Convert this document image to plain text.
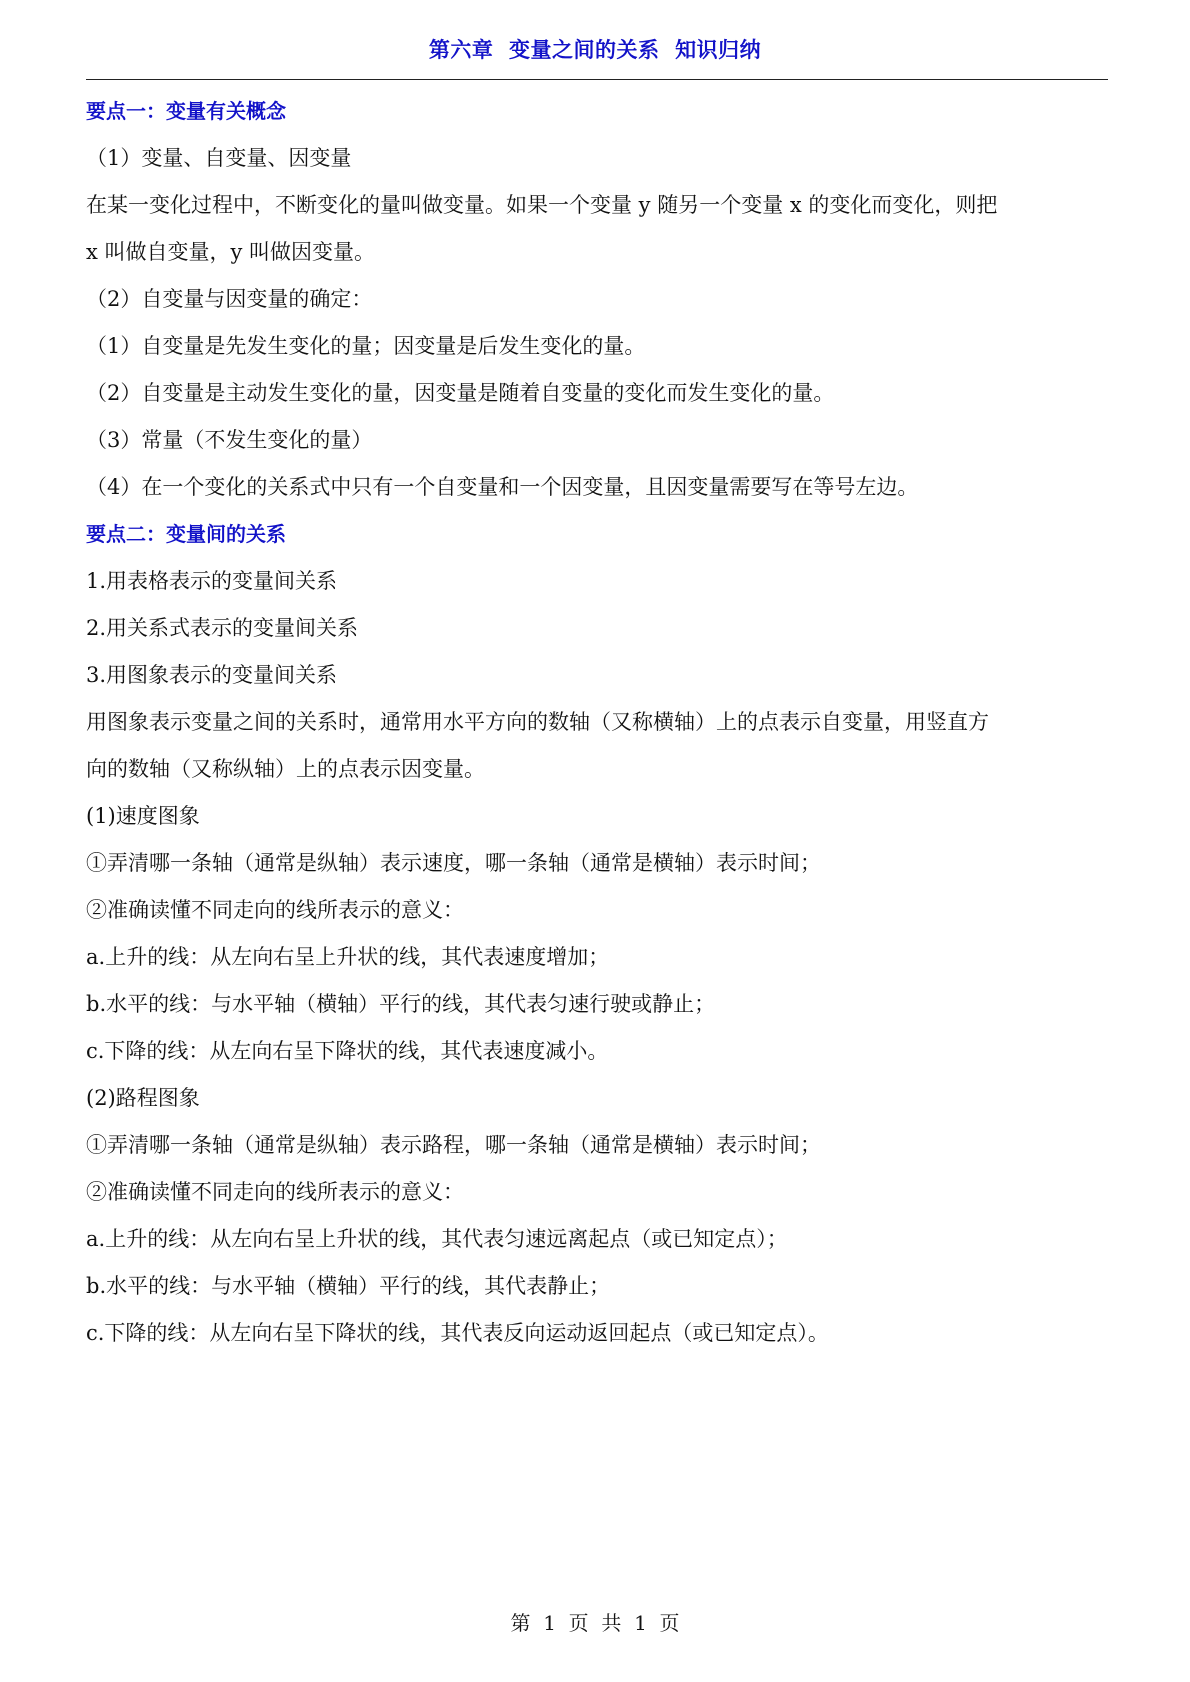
第六章  变量之间的关系  知识归纳
要点一：变量有关概念
（1）变量、自变量、因变量
在某一变化过程中，不断变化的量叫做变量。如果一个变量 y 随另一个变量 x 的变化而变化，则把
x 叫做自变量，y 叫做因变量。
（2）自变量与因变量的确定：
（1）自变量是先发生变化的量；因变量是后发生变化的量。
（2）自变量是主动发生变化的量，因变量是随着自变量的变化而发生变化的量。
（3）常量（不发生变化的量）
（4）在一个变化的关系式中只有一个自变量和一个因变量，且因变量需要写在等号左边。
要点二：变量间的关系
1.用表格表示的变量间关系
2.用关系式表示的变量间关系
3.用图象表示的变量间关系
用图象表示变量之间的关系时，通常用水平方向的数轴（又称横轴）上的点表示自变量，用竖直方
向的数轴（又称纵轴）上的点表示因变量。
(1)速度图象
①弄清哪一条轴（通常是纵轴）表示速度，哪一条轴（通常是横轴）表示时间；
②准确读懂不同走向的线所表示的意义：
a.上升的线：从左向右呈上升状的线，其代表速度增加；
b.水平的线：与水平轴（横轴）平行的线，其代表匀速行驶或静止；
c.下降的线：从左向右呈下降状的线，其代表速度减小。
(2)路程图象
①弄清哪一条轴（通常是纵轴）表示路程，哪一条轴（通常是横轴）表示时间；
②准确读懂不同走向的线所表示的意义：
a.上升的线：从左向右呈上升状的线，其代表匀速远离起点（或已知定点）；
b.水平的线：与水平轴（横轴）平行的线，其代表静止；
c.下降的线：从左向右呈下降状的线，其代表反向运动返回起点（或已知定点）。
第  1  页  共  1  页
